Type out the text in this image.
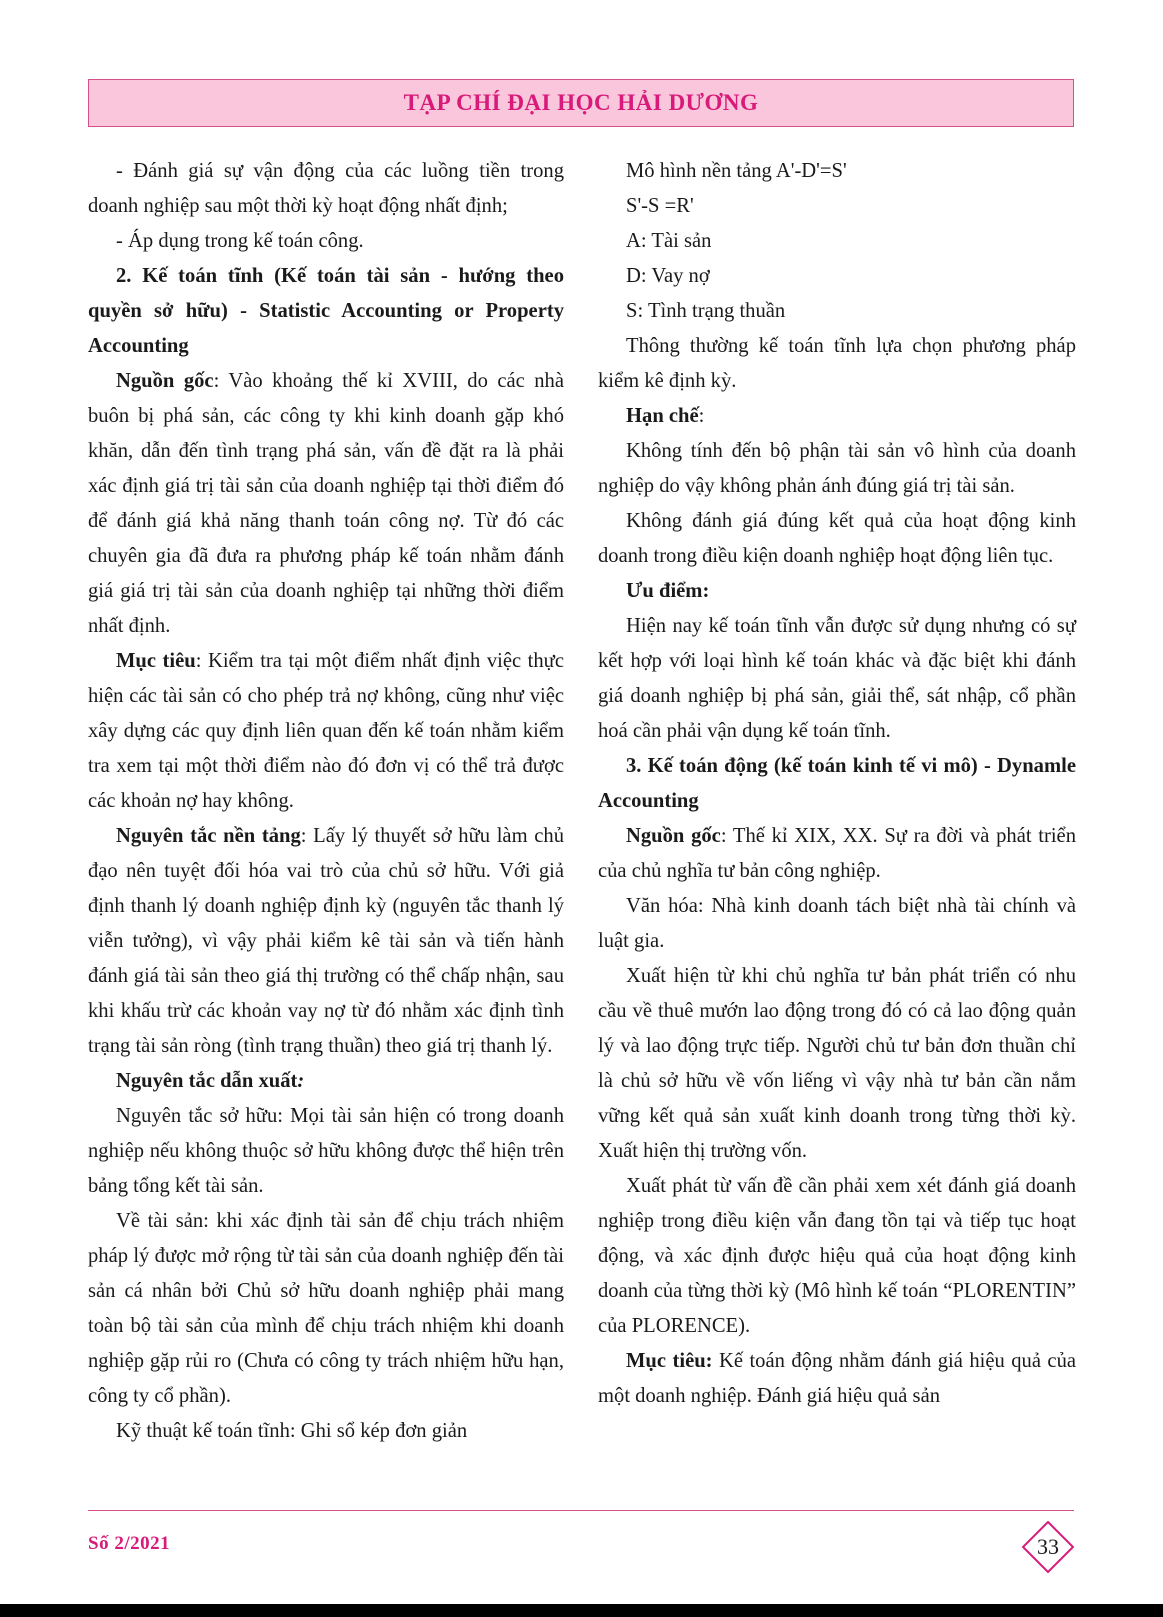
TẠP CHÍ ĐẠI HỌC HẢI DƯƠNG

- Đánh giá sự vận động của các luồng tiền trong doanh nghiệp sau một thời kỳ hoạt động nhất định;

- Áp dụng trong kế toán công.

2. Kế toán tĩnh (Kế toán tài sản - hướng theo quyền sở hữu) - Statistic Accounting or Property Accounting

Nguồn gốc: Vào khoảng thế kỉ XVIII, do các nhà buôn bị phá sản, các công ty khi kinh doanh gặp khó khăn, dẫn đến tình trạng phá sản, vấn đề đặt ra là phải xác định giá trị tài sản của doanh nghiệp tại thời điểm đó để đánh giá khả năng thanh toán công nợ. Từ đó các chuyên gia đã đưa ra phương pháp kế toán nhằm đánh giá giá trị tài sản của doanh nghiệp tại những thời điểm nhất định.

Mục tiêu: Kiểm tra tại một điểm nhất định việc thực hiện các tài sản có cho phép trả nợ không, cũng như việc xây dựng các quy định liên quan đến kế toán nhằm kiểm tra xem tại một thời điểm nào đó đơn vị có thể trả được các khoản nợ hay không.

Nguyên tắc nền tảng: Lấy lý thuyết sở hữu làm chủ đạo nên tuyệt đối hóa vai trò của chủ sở hữu. Với giả định thanh lý doanh nghiệp định kỳ (nguyên tắc thanh lý viễn tưởng), vì vậy phải kiểm kê tài sản và tiến hành đánh giá tài sản theo giá thị trường có thể chấp nhận, sau khi khấu trừ các khoản vay nợ từ đó nhằm xác định tình trạng tài sản ròng (tình trạng thuần) theo giá trị thanh lý.

Nguyên tắc dẫn xuất:

Nguyên tắc sở hữu: Mọi tài sản hiện có trong doanh nghiệp nếu không thuộc sở hữu không được thể hiện trên bảng tổng kết tài sản.

Về tài sản: khi xác định tài sản để chịu trách nhiệm pháp lý được mở rộng từ tài sản của doanh nghiệp đến tài sản cá nhân bởi Chủ sở hữu doanh nghiệp phải mang toàn bộ tài sản của mình để chịu trách nhiệm khi doanh nghiệp gặp rủi ro (Chưa có công ty trách nhiệm hữu hạn, công ty cổ phần).

Kỹ thuật kế toán tĩnh: Ghi sổ kép đơn giản

Mô hình nền tảng A'-D'=S'

S'-S =R'

A: Tài sản

D: Vay nợ

S: Tình trạng thuần

Thông thường kế toán tĩnh lựa chọn phương pháp kiểm kê định kỳ.

Hạn chế:

Không tính đến bộ phận tài sản vô hình của doanh nghiệp do vậy không phản ánh đúng giá trị tài sản.

Không đánh giá đúng kết quả của hoạt động kinh doanh trong điều kiện doanh nghiệp hoạt động liên tục.

Ưu điểm:

Hiện nay kế toán tĩnh vẫn được sử dụng nhưng có sự kết hợp với loại hình kế toán khác và đặc biệt khi đánh giá doanh nghiệp bị phá sản, giải thể, sát nhập, cổ phần hoá cần phải vận dụng kế toán tĩnh.

3. Kế toán động (kế toán kinh tế vi mô) - Dynamle Accounting

Nguồn gốc: Thế kỉ XIX, XX. Sự ra đời và phát triển của chủ nghĩa tư bản công nghiệp.

Văn hóa: Nhà kinh doanh tách biệt nhà tài chính và luật gia.

Xuất hiện từ khi chủ nghĩa tư bản phát triển có nhu cầu về thuê mướn lao động trong đó có cả lao động quản lý và lao động trực tiếp. Người chủ tư bản đơn thuần chỉ là chủ sở hữu về vốn liếng vì vậy nhà tư bản cần nắm vững kết quả sản xuất kinh doanh trong từng thời kỳ. Xuất hiện thị trường vốn.

Xuất phát từ vấn đề cần phải xem xét đánh giá doanh nghiệp trong điều kiện vẫn đang tồn tại và tiếp tục hoạt động, và xác định được hiệu quả của hoạt động kinh doanh của từng thời kỳ (Mô hình kế toán “PLORENTIN” của PLORENCE).

Mục tiêu: Kế toán động nhằm đánh giá hiệu quả của một doanh nghiệp. Đánh giá hiệu quả sản

Số 2/2021	33
